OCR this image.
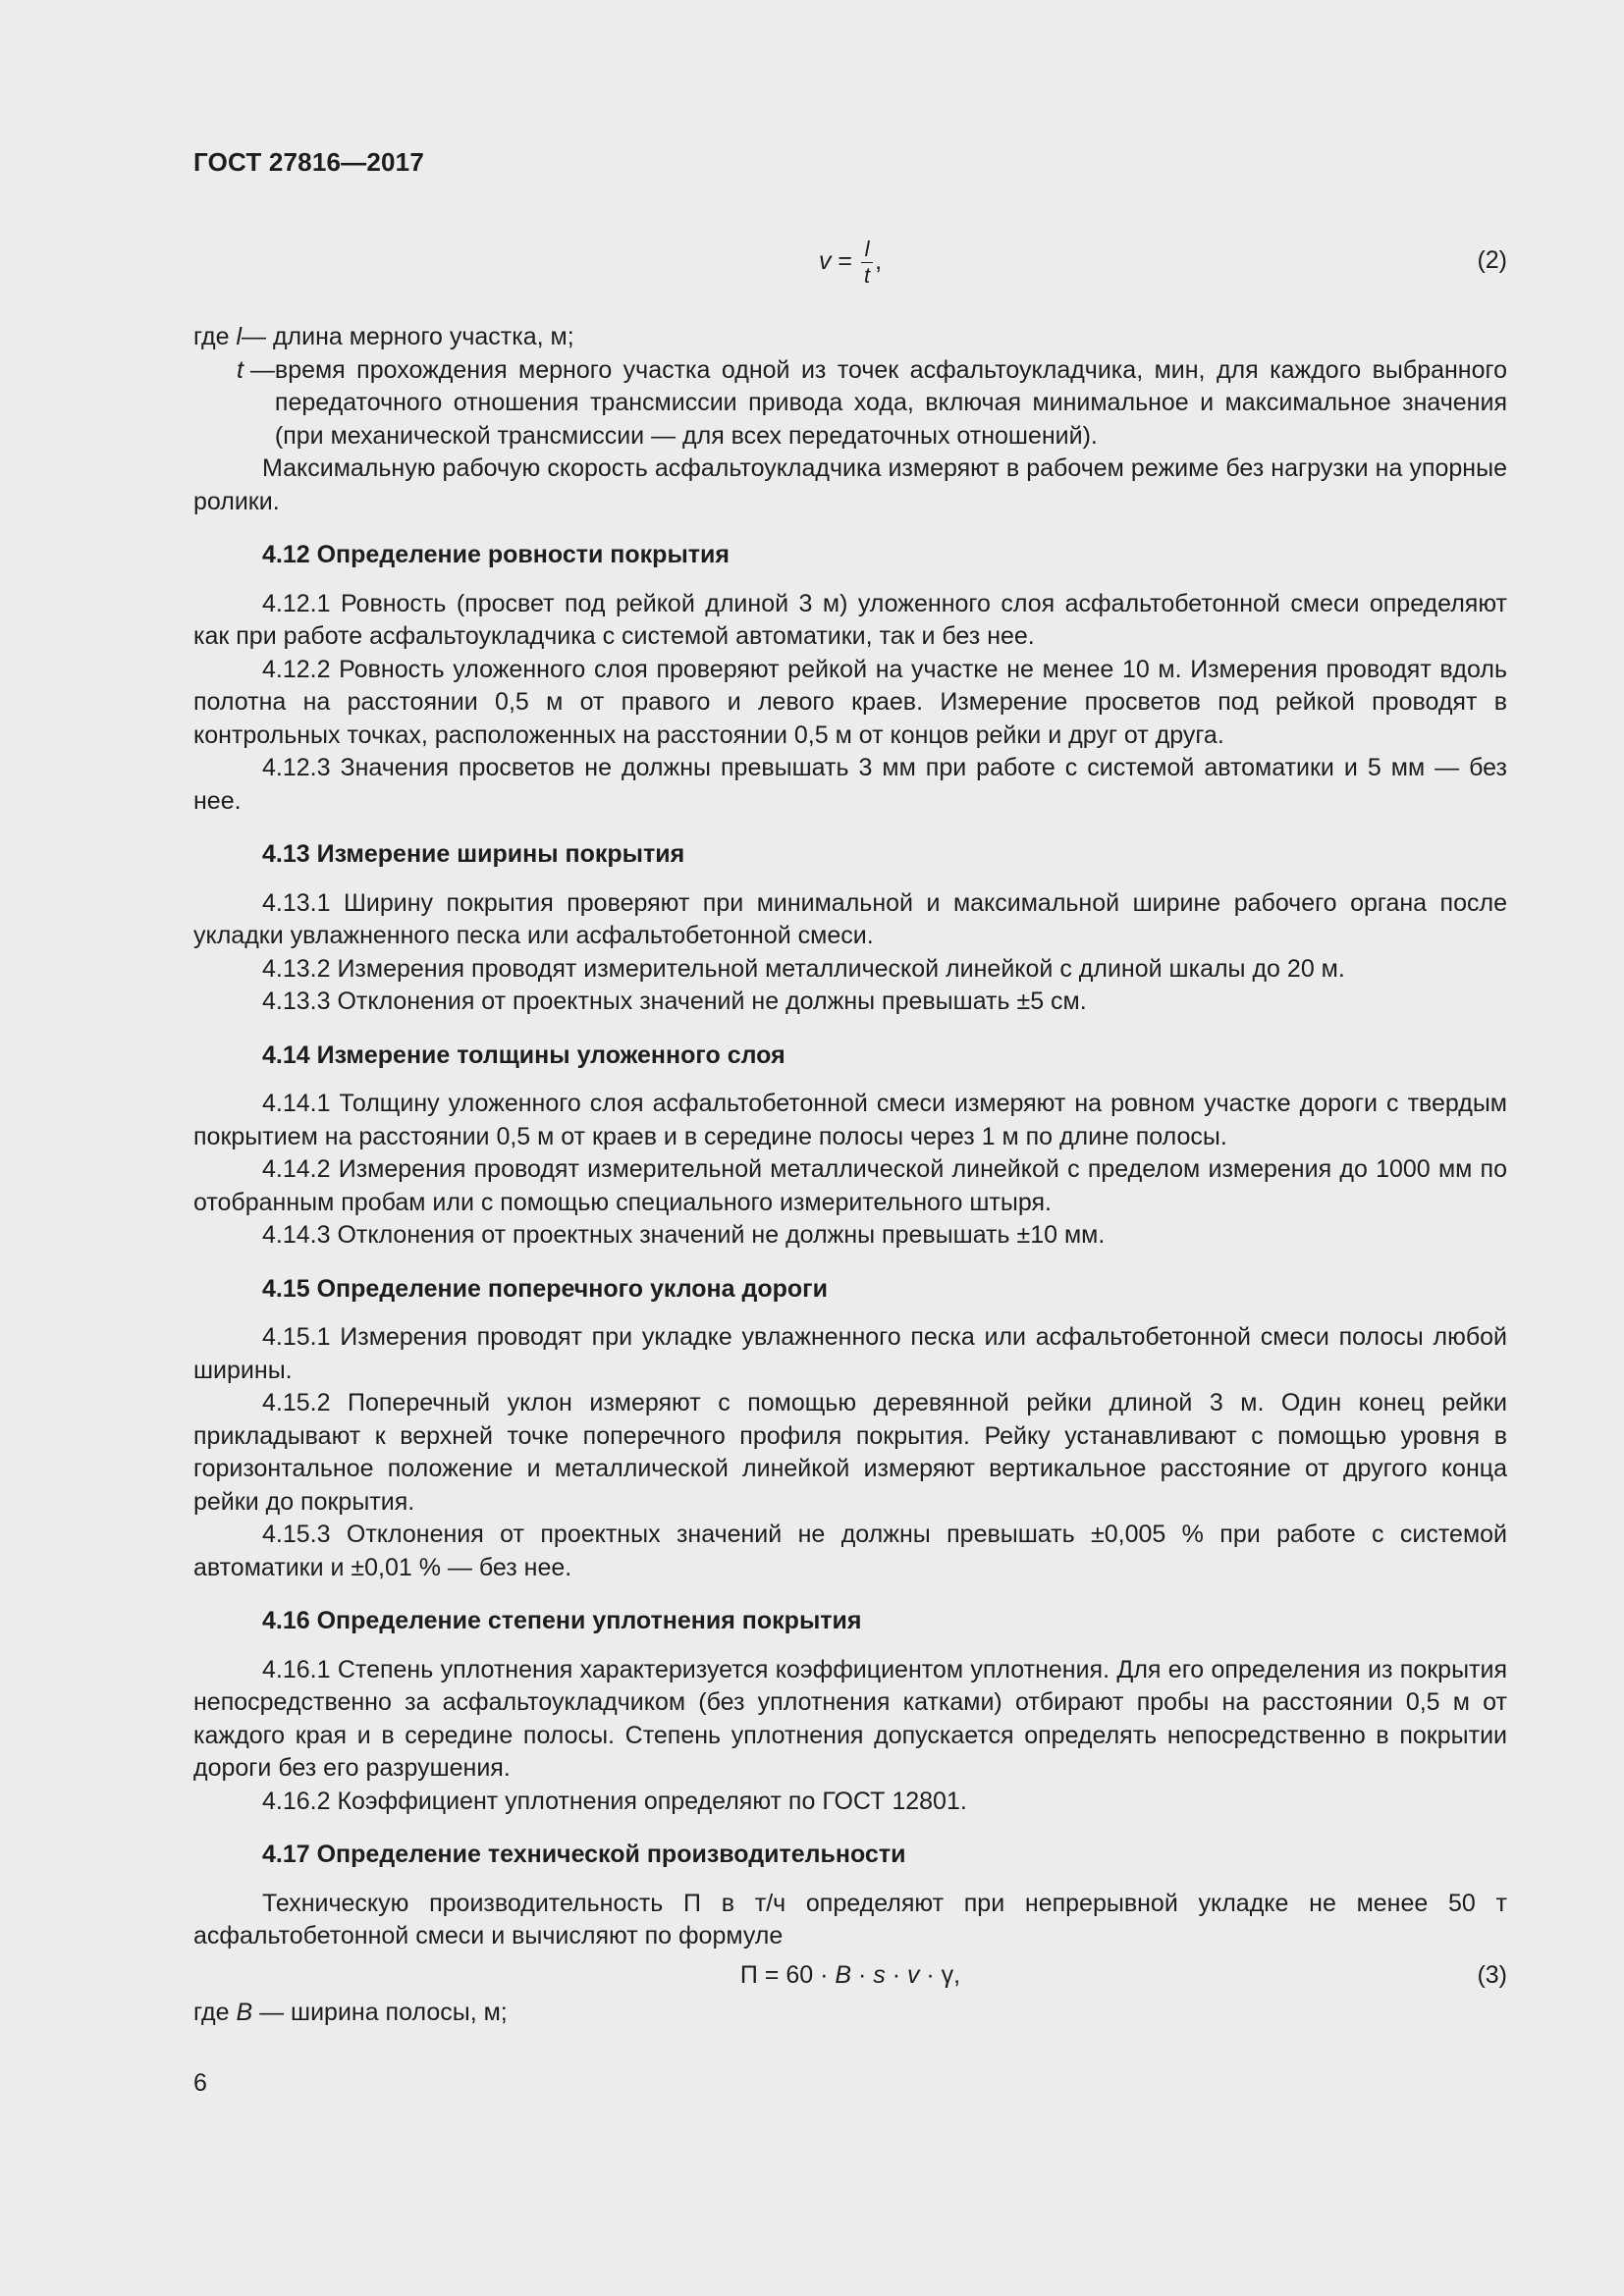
ГОСТ 27816—2017
$v = \frac{l}{t}$ ,	(2)
где l — длина мерного участка, м;
t — время прохождения мерного участка одной из точек асфальтоукладчика, мин, для каждого выбранного передаточного отношения трансмиссии привода хода, включая минимальное и максимальное значения (при механической трансмиссии — для всех передаточных отношений).

Максимальную рабочую скорость асфальтоукладчика измеряют в рабочем режиме без нагрузки на упорные ролики.

4.12 Определение ровности покрытия

4.12.1 Ровность (просвет под рейкой длиной 3 м) уложенного слоя асфальтобетонной смеси определяют как при работе асфальтоукладчика с системой автоматики, так и без нее.

4.12.2 Ровность уложенного слоя проверяют рейкой на участке не менее 10 м. Измерения проводят вдоль полотна на расстоянии 0,5 м от правого и левого краев. Измерение просветов под рейкой проводят в контрольных точках, расположенных на расстоянии 0,5 м от концов рейки и друг от друга.

4.12.3 Значения просветов не должны превышать 3 мм при работе с системой автоматики и 5 мм — без нее.

4.13 Измерение ширины покрытия

4.13.1 Ширину покрытия проверяют при минимальной и максимальной ширине рабочего органа после укладки увлажненного песка или асфальтобетонной смеси.

4.13.2 Измерения проводят измерительной металлической линейкой с длиной шкалы до 20 м.

4.13.3 Отклонения от проектных значений не должны превышать ±5 см.

4.14 Измерение толщины уложенного слоя

4.14.1 Толщину уложенного слоя асфальтобетонной смеси измеряют на ровном участке дороги с твердым покрытием на расстоянии 0,5 м от краев и в середине полосы через 1 м по длине полосы.

4.14.2 Измерения проводят измерительной металлической линейкой с пределом измерения до 1000 мм по отобранным пробам или с помощью специального измерительного штыря.

4.14.3 Отклонения от проектных значений не должны превышать ±10 мм.

4.15 Определение поперечного уклона дороги

4.15.1 Измерения проводят при укладке увлажненного песка или асфальтобетонной смеси полосы любой ширины.

4.15.2 Поперечный уклон измеряют с помощью деревянной рейки длиной 3 м. Один конец рейки прикладывают к верхней точке поперечного профиля покрытия. Рейку устанавливают с помощью уровня в горизонтальное положение и металлической линейкой измеряют вертикальное расстояние от другого конца рейки до покрытия.

4.15.3 Отклонения от проектных значений не должны превышать ±0,005 % при работе с системой автоматики и ±0,01 % — без нее.

4.16 Определение степени уплотнения покрытия

4.16.1 Степень уплотнения характеризуется коэффициентом уплотнения. Для его определения из покрытия непосредственно за асфальтоукладчиком (без уплотнения катками) отбирают пробы на расстоянии 0,5 м от каждого края и в середине полосы. Степень уплотнения допускается определять непосредственно в покрытии дороги без его разрушения.

4.16.2 Коэффициент уплотнения определяют по ГОСТ 12801.

4.17 Определение технической производительности

Техническую производительность П в т/ч определяют при непрерывной укладке не менее 50 т асфальтобетонной смеси и вычисляют по формуле

П = 60 · B · s · v · γ,	(3)

где B — ширина полосы, м;

6
